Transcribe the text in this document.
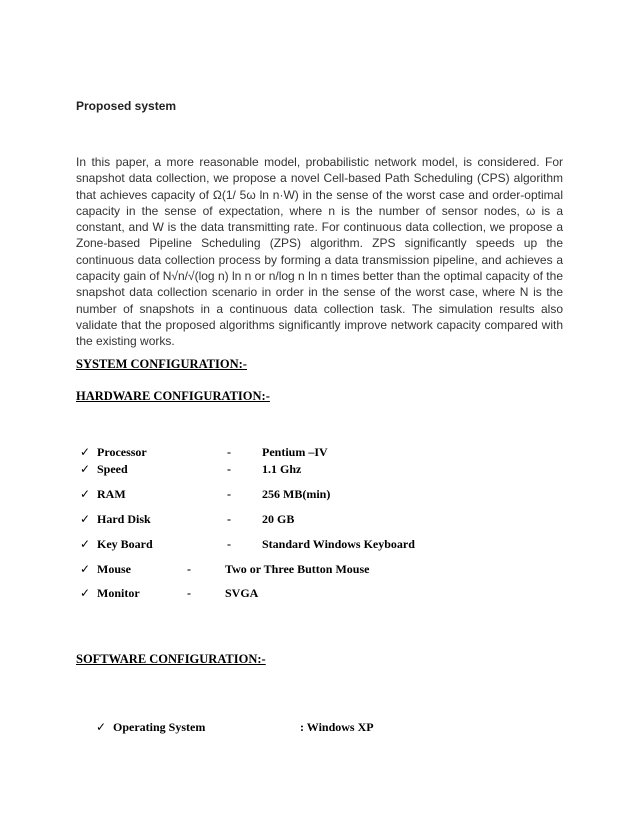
Proposed system

In this paper, a more reasonable model, probabilistic network model, is considered. For snapshot data collection, we propose a novel Cell-based Path Scheduling (CPS) algorithm that achieves capacity of Ω(1/ 5ω ln n·W) in the sense of the worst case and order-optimal capacity in the sense of expectation, where n is the number of sensor nodes, ω is a constant, and W is the data transmitting rate. For continuous data collection, we propose a Zone-based Pipeline Scheduling (ZPS) algorithm. ZPS significantly speeds up the continuous data collection process by forming a data transmission pipeline, and achieves a capacity gain of N√n/√(log n) ln n or n/log n ln n times better than the optimal capacity of the snapshot data collection scenario in order in the sense of the worst case, where N is the number of snapshots in a continuous data collection task. The simulation results also validate that the proposed algorithms significantly improve network capacity compared with the existing works.

SYSTEM CONFIGURATION:-
HARDWARE CONFIGURATION:-
✓ Processor	-	Pentium –IV
✓ Speed	-	1.1 Ghz
✓ RAM	-	256 MB(min)
✓ Hard Disk	-	20 GB
✓ Key Board	-	Standard Windows Keyboard
✓ Mouse	-	Two or Three Button Mouse
✓ Monitor	-	SVGA
SOFTWARE CONFIGURATION:-
✓ Operating System	: Windows XP
